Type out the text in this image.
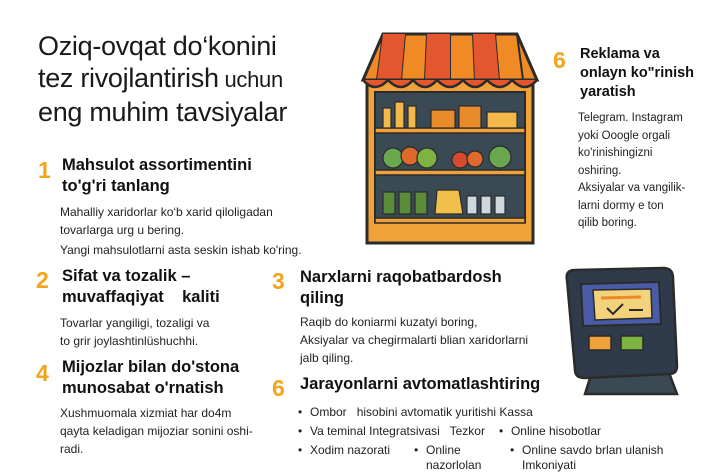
Oziq-ovqat do‘konini
tez rivojlantirish uchun
eng muhim tavsiyalar
1 Mahsulot assortimentini
to'g'ri tanlang
Mahalliy xaridorlar ko‘b xarid qiloligadan
tovarlarga urg u bering.
Yangi mahsulotlarni asta seskin ishab ko'ring.
2 Sifat va tozalik –
muvaffaqiyat    kaliti
Tovarlar yangiligi, tozaligi va
to grir joylashtinlüshuchhi.
4 Mijozlar bilan do'stona
munosabat o'rnatish
Xushmuomala xizmiat har do4m
qayta keladigan mijoziar sonini oshi-
radi.
3 Narxlarni raqobatbardosh
qiling
Raqib do koniarmi kuzatyi boring,
Aksiyalar va chegirmalarti blian xaridorlarni
jalb qiling.
6 Jarayonlarni avtomatlashtiring
• Ombor hisobini avtomatik yuritishi Kassa
• Va teminal Integratsivasi   Tezkor • Online hisobotlar
• Xodim nazorati • Online	• Online savdo brlan ulanish
nazorlolan	Imkoniyati
6 Reklama va
onlayn ko"rinish
yaratish
Telegram. Instagram
yoki Ooogle orgali
ko'rinishingizni
oshiring.
Aksiyalar va vangilik-
larni dormy e ton
qilib boring.
